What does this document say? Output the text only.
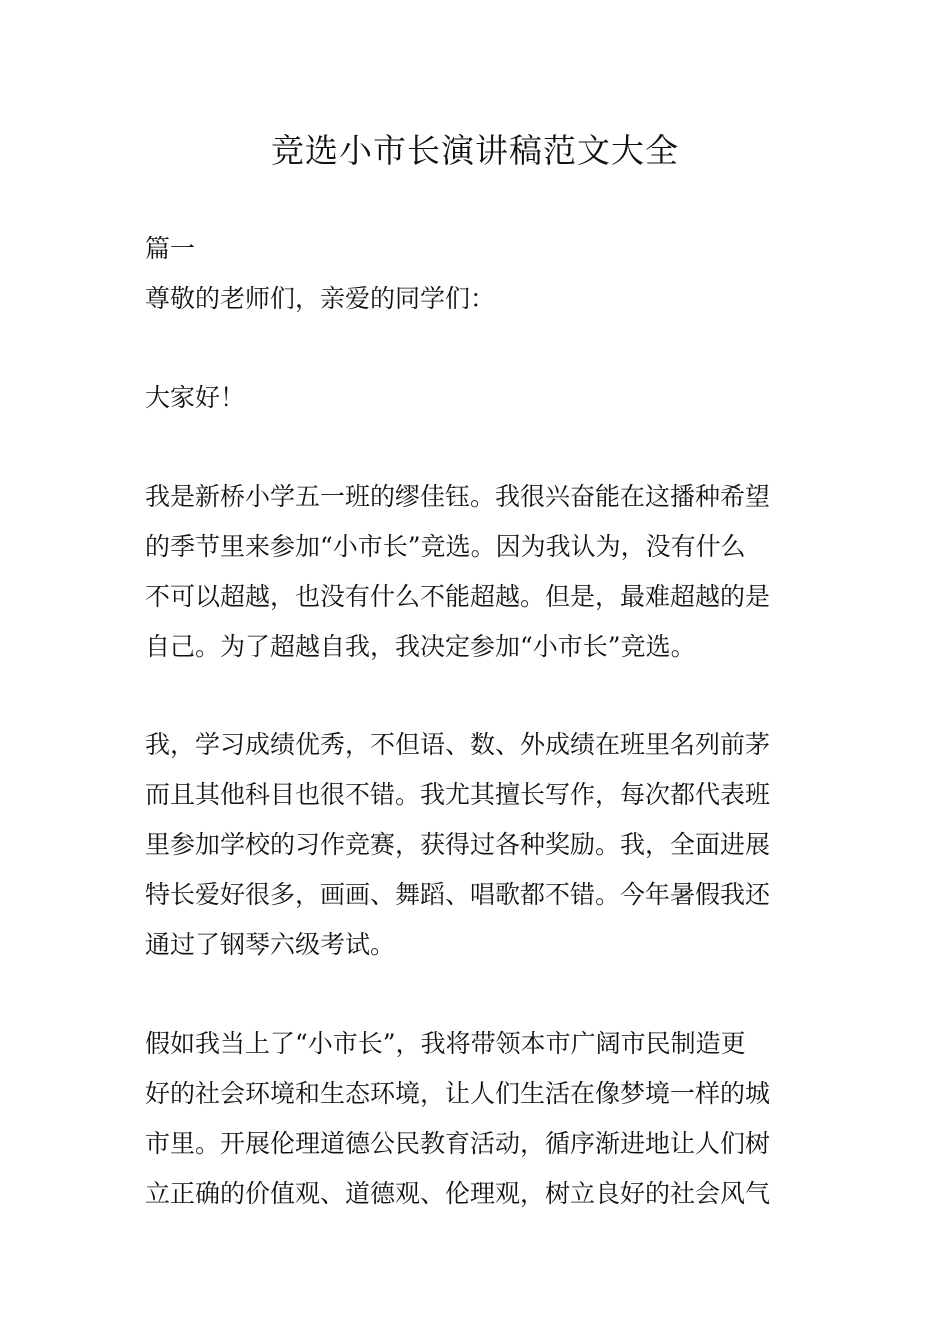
竞选小市长演讲稿范文大全

篇一

尊敬的老师们，亲爱的同学们：

大家好！

我是新桥小学五一班的缪佳钰。我很兴奋能在这播种希望
的季节里来参加“小市长”竞选。因为我认为，没有什么
不可以超越，也没有什么不能超越。但是，最难超越的是
自己。为了超越自我，我决定参加“小市长”竞选。
我，学习成绩优秀，不但语、数、外成绩在班里名列前茅
而且其他科目也很不错。我尤其擅长写作，每次都代表班
里参加学校的习作竞赛，获得过各种奖励。我，全面进展
特长爱好很多，画画、舞蹈、唱歌都不错。今年暑假我还
通过了钢琴六级考试。
假如我当上了“小市长”，我将带领本市广阔市民制造更
好的社会环境和生态环境，让人们生活在像梦境一样的城
市里。开展伦理道德公民教育活动，循序渐进地让人们树
立正确的价值观、道德观、伦理观，树立良好的社会风气
